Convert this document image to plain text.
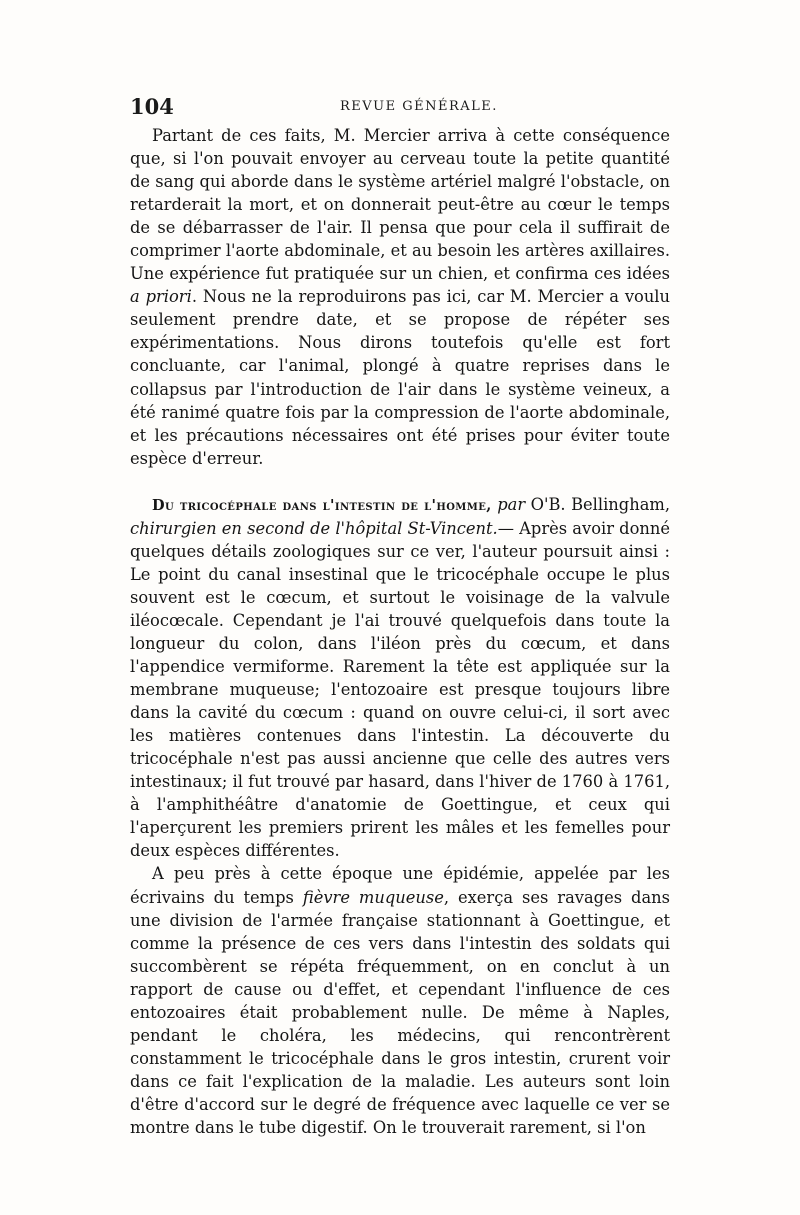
104	REVUE GÉNÉRALE.

Partant de ces faits, M. Mercier arriva à cette conséquence que, si l'on pouvait envoyer au cerveau toute la petite quantité de sang qui aborde dans le système artériel malgré l'obstacle, on retarderait la mort, et on donnerait peut-être au cœur le temps de se débarrasser de l'air. Il pensa que pour cela il suffirait de comprimer l'aorte abdominale, et au besoin les artères axillaires. Une expérience fut pratiquée sur un chien, et confirma ces idées a priori. Nous ne la reproduirons pas ici, car M. Mercier a voulu seulement prendre date, et se propose de répéter ses expérimentations. Nous dirons toutefois qu'elle est fort concluante, car l'animal, plongé à quatre reprises dans le collapsus par l'introduction de l'air dans le système veineux, a été ranimé quatre fois par la compression de l'aorte abdominale, et les précautions nécessaires ont été prises pour éviter toute espèce d'erreur.

Du tricocéphale dans l'intestin de l'homme, par O'B. Bellingham, chirurgien en second de l'hôpital St-Vincent.— Après avoir donné quelques détails zoologiques sur ce ver, l'auteur poursuit ainsi : Le point du canal insestinal que le tricocéphale occupe le plus souvent est le cœcum, et surtout le voisinage de la valvule iléocœcale. Cependant je l'ai trouvé quelquefois dans toute la longueur du colon, dans l'iléon près du cœcum, et dans l'appendice vermiforme. Rarement la tête est appliquée sur la membrane muqueuse; l'entozoaire est presque toujours libre dans la cavité du cœcum : quand on ouvre celui-ci, il sort avec les matières contenues dans l'intestin. La découverte du tricocéphale n'est pas aussi ancienne que celle des autres vers intestinaux; il fut trouvé par hasard, dans l'hiver de 1760 à 1761, à l'amphithéâtre d'anatomie de Goettingue, et ceux qui l'aperçurent les premiers prirent les mâles et les femelles pour deux espèces différentes.

A peu près à cette époque une épidémie, appelée par les écrivains du temps fièvre muqueuse, exerça ses ravages dans une division de l'armée française stationnant à Goettingue, et comme la présence de ces vers dans l'intestin des soldats qui succombèrent se répéta fréquemment, on en conclut à un rapport de cause ou d'effet, et cependant l'influence de ces entozoaires était probablement nulle. De même à Naples, pendant le choléra, les médecins, qui rencontrèrent constamment le tricocéphale dans le gros intestin, crurent voir dans ce fait l'explication de la maladie. Les auteurs sont loin d'être d'accord sur le degré de fréquence avec laquelle ce ver se montre dans le tube digestif. On le trouverait rarement, si l'on
